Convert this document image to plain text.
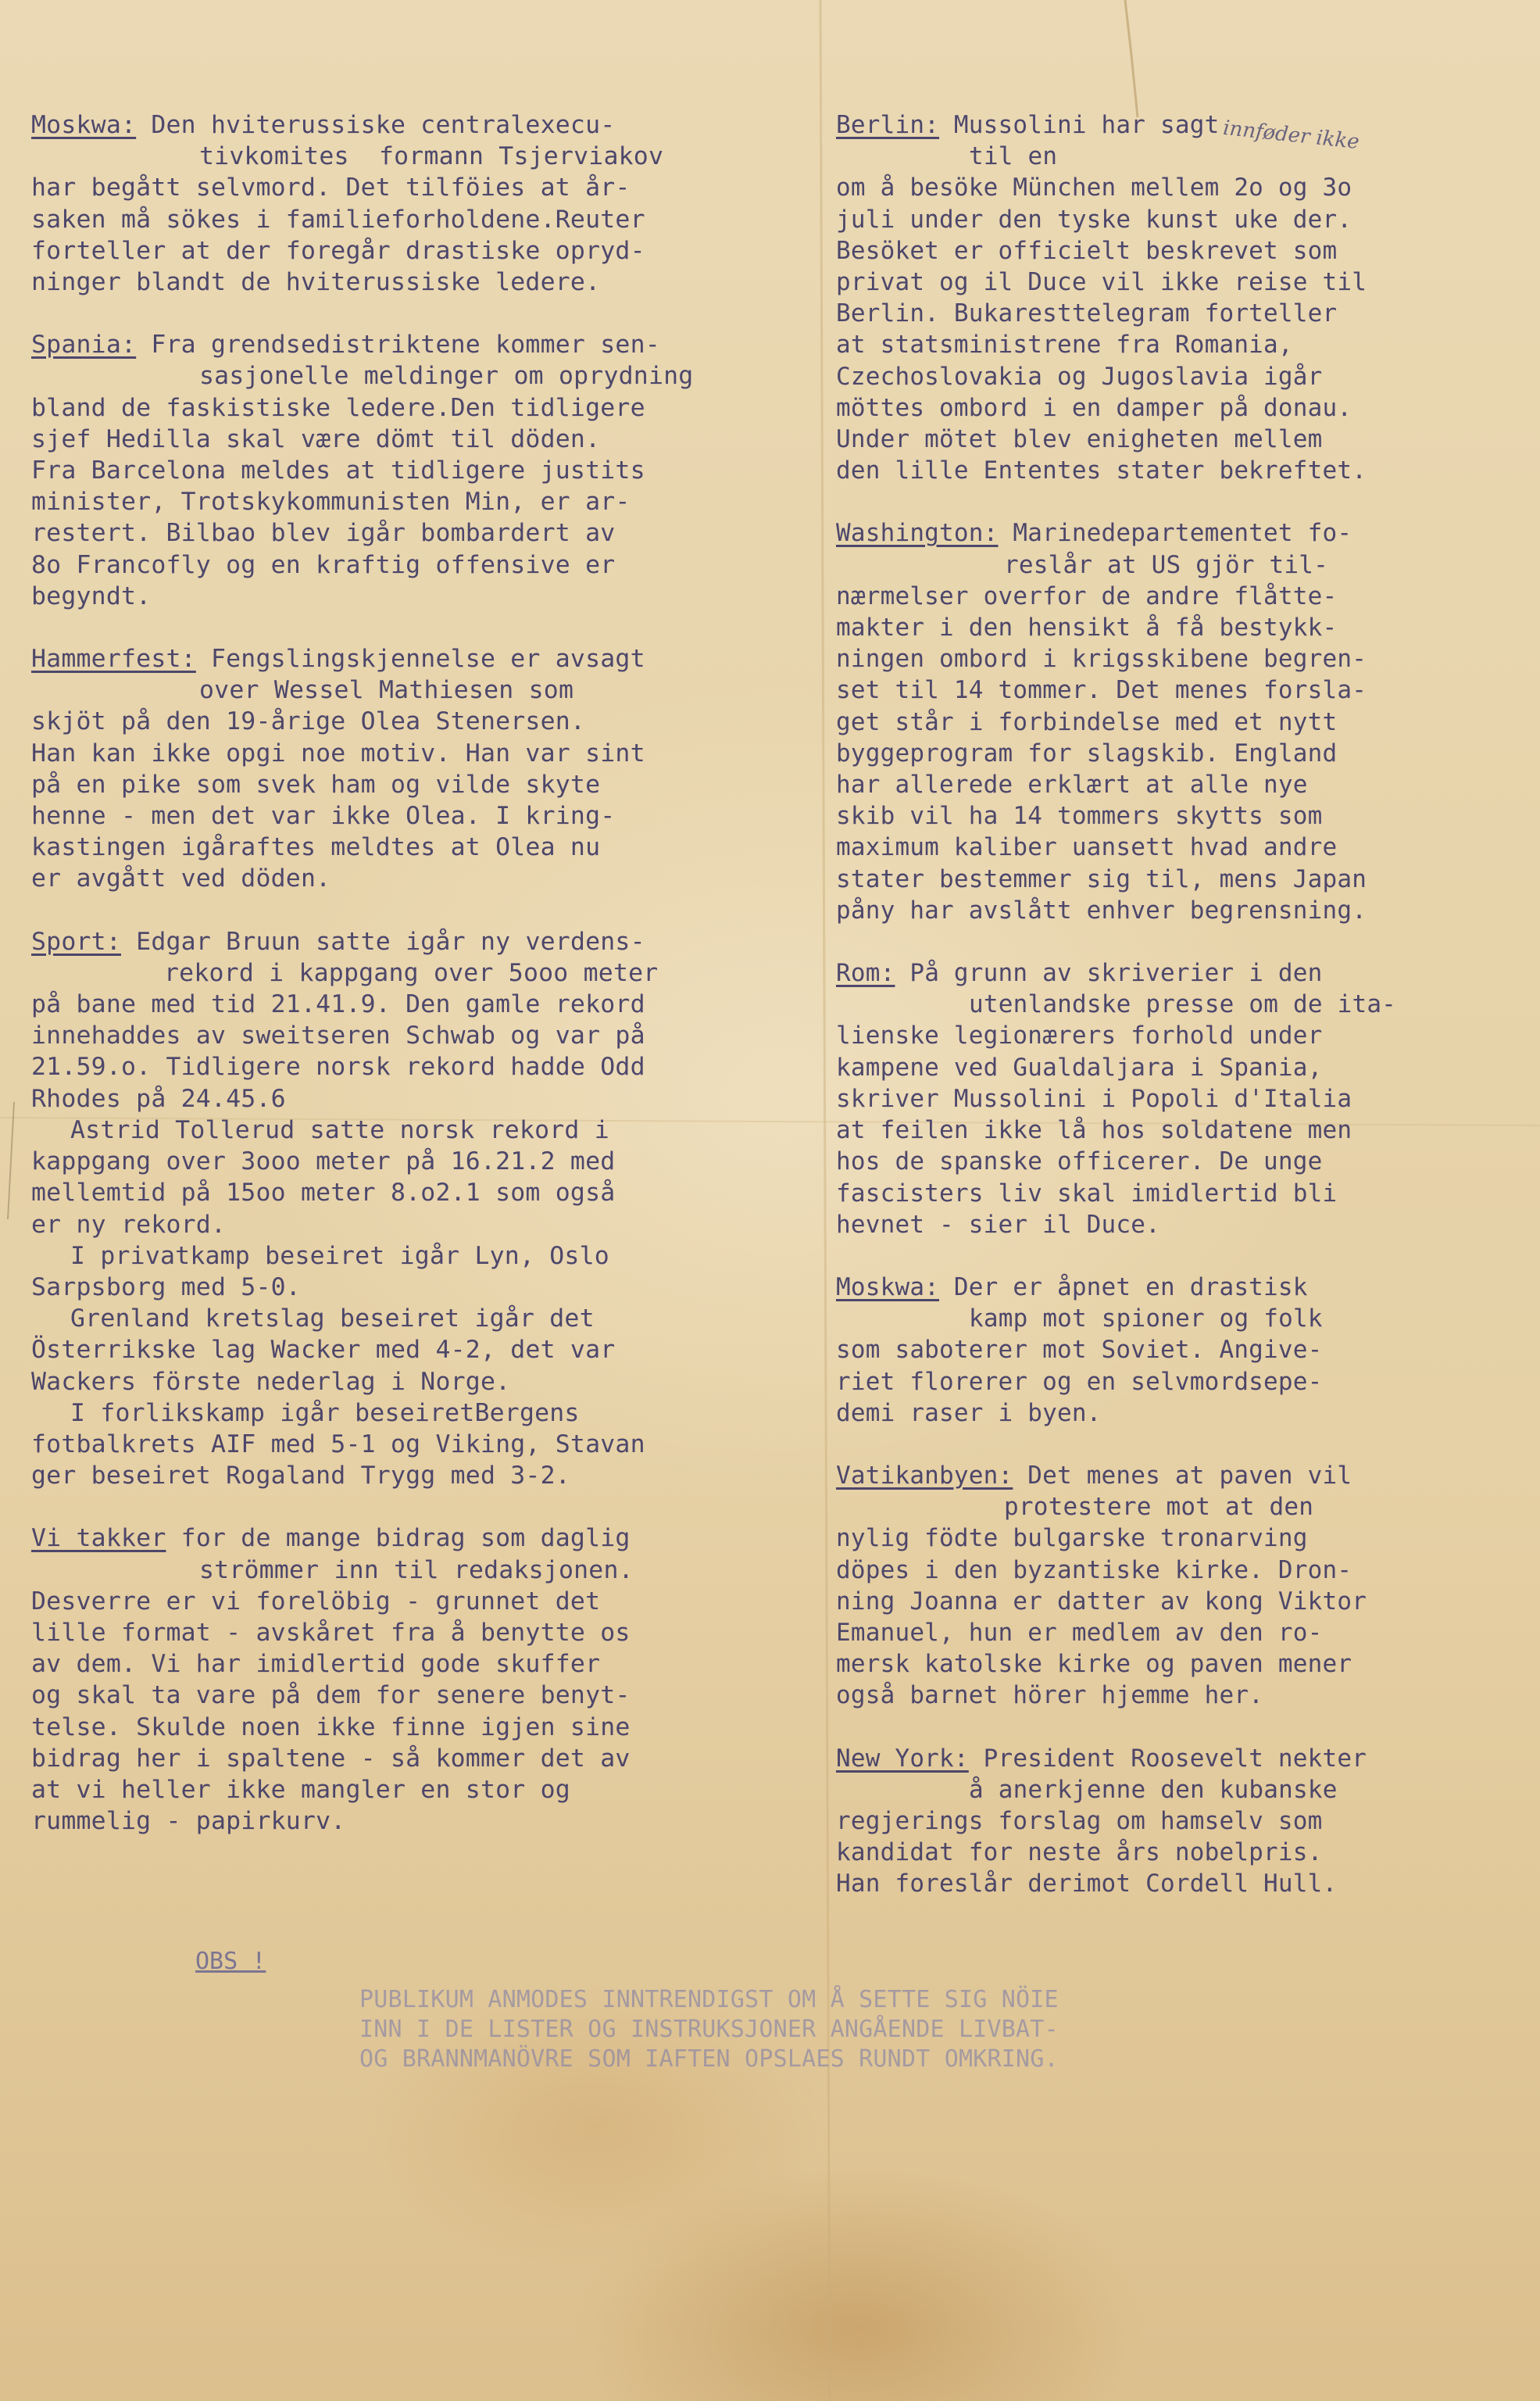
Moskwa: Den hviterussiske centralexecu-
tivkomites  formann Tsjerviakov
har begått selvmord. Det tilföies at år-
saken må sökes i familieforholdene.Reuter
forteller at der foregår drastiske opryd-
ninger blandt de hviterussiske ledere.
Spania: Fra grendsedistriktene kommer sen-
sasjonelle meldinger om oprydning
bland de faskistiske ledere.Den tidligere
sjef Hedilla skal være dömt til döden.
Fra Barcelona meldes at tidligere justits
minister, Trotskykommunisten Min, er ar-
restert. Bilbao blev igår bombardert av
8o Francofly og en kraftig offensive er
begyndt.
Hammerfest: Fengslingskjennelse er avsagt
over Wessel Mathiesen som
skjöt på den 19-årige Olea Stenersen.
Han kan ikke opgi noe motiv. Han var sint
på en pike som svek ham og vilde skyte
henne - men det var ikke Olea. I kring-
kastingen igåraftes meldtes at Olea nu
er avgått ved döden.
Sport: Edgar Bruun satte igår ny verdens-
rekord i kappgang over 5ooo meter
på bane med tid 21.41.9. Den gamle rekord
innehaddes av sweitseren Schwab og var på
21.59.o. Tidligere norsk rekord hadde Odd
Rhodes på 24.45.6
Astrid Tollerud satte norsk rekord i
kappgang over 3ooo meter på 16.21.2 med
mellemtid på 15oo meter 8.o2.1 som også
er ny rekord.
I privatkamp beseiret igår Lyn, Oslo
Sarpsborg med 5-0.
Grenland kretslag beseiret igår det
Österrikske lag Wacker med 4-2, det var
Wackers förste nederlag i Norge.
I forlikskamp igår beseiretBergens
fotbalkrets AIF med 5-1 og Viking, Stavan
ger beseiret Rogaland Trygg med 3-2.
Vi takker for de mange bidrag som daglig
strömmer inn til redaksjonen.
Desverre er vi forelöbig - grunnet det
lille format - avskåret fra å benytte os
av dem. Vi har imidlertid gode skuffer
og skal ta vare på dem for senere benyt-
telse. Skulde noen ikke finne igjen sine
bidrag her i spaltene - så kommer det av
at vi heller ikke mangler en stor og
rummelig - papirkurv.
Berlin: Mussolini har sagt
til en
om å besöke München mellem 2o og 3o
juli under den tyske kunst uke der.
Besöket er officielt beskrevet som
privat og il Duce vil ikke reise til
Berlin. Bukaresttelegram forteller
at statsministrene fra Romania,
Czechoslovakia og Jugoslavia igår
möttes ombord i en damper på donau.
Under mötet blev enigheten mellem
den lille Ententes stater bekreftet.
Washington: Marinedepartementet fo-
reslår at US gjör til-
nærmelser overfor de andre flåtte-
makter i den hensikt å få bestykk-
ningen ombord i krigsskibene begren-
set til 14 tommer. Det menes forsla-
get står i forbindelse med et nytt
byggeprogram for slagskib. England
har allerede erklært at alle nye
skib vil ha 14 tommers skytts som
maximum kaliber uansett hvad andre
stater bestemmer sig til, mens Japan
påny har avslått enhver begrensning.
Rom: På grunn av skriverier i den
utenlandske presse om de ita-
lienske legionærers forhold under
kampene ved Gualdaljara i Spania,
skriver Mussolini i Popoli d'Italia
at feilen ikke lå hos soldatene men
hos de spanske officerer. De unge
fascisters liv skal imidlertid bli
hevnet - sier il Duce.
Moskwa: Der er åpnet en drastisk
kamp mot spioner og folk
som saboterer mot Soviet. Angive-
riet florerer og en selvmordsepe-
demi raser i byen.
Vatikanbyen: Det menes at paven vil
protestere mot at den
nylig födte bulgarske tronarving
döpes i den byzantiske kirke. Dron-
ning Joanna er datter av kong Viktor
Emanuel, hun er medlem av den ro-
mersk katolske kirke og paven mener
også barnet hörer hjemme her.
New York: President Roosevelt nekter
å anerkjenne den kubanske
regjerings forslag om hamselv som
kandidat for neste års nobelpris.
Han foreslår derimot Cordell Hull.
innføder ikke
OBS !
PUBLIKUM ANMODES INNTRENDIGST OM Å SETTE SIG NÖIE
INN I DE LISTER OG INSTRUKSJONER ANGÅENDE LIVBAT-
OG BRANNMANÖVRE SOM IAFTEN OPSLAES RUNDT OMKRING.
